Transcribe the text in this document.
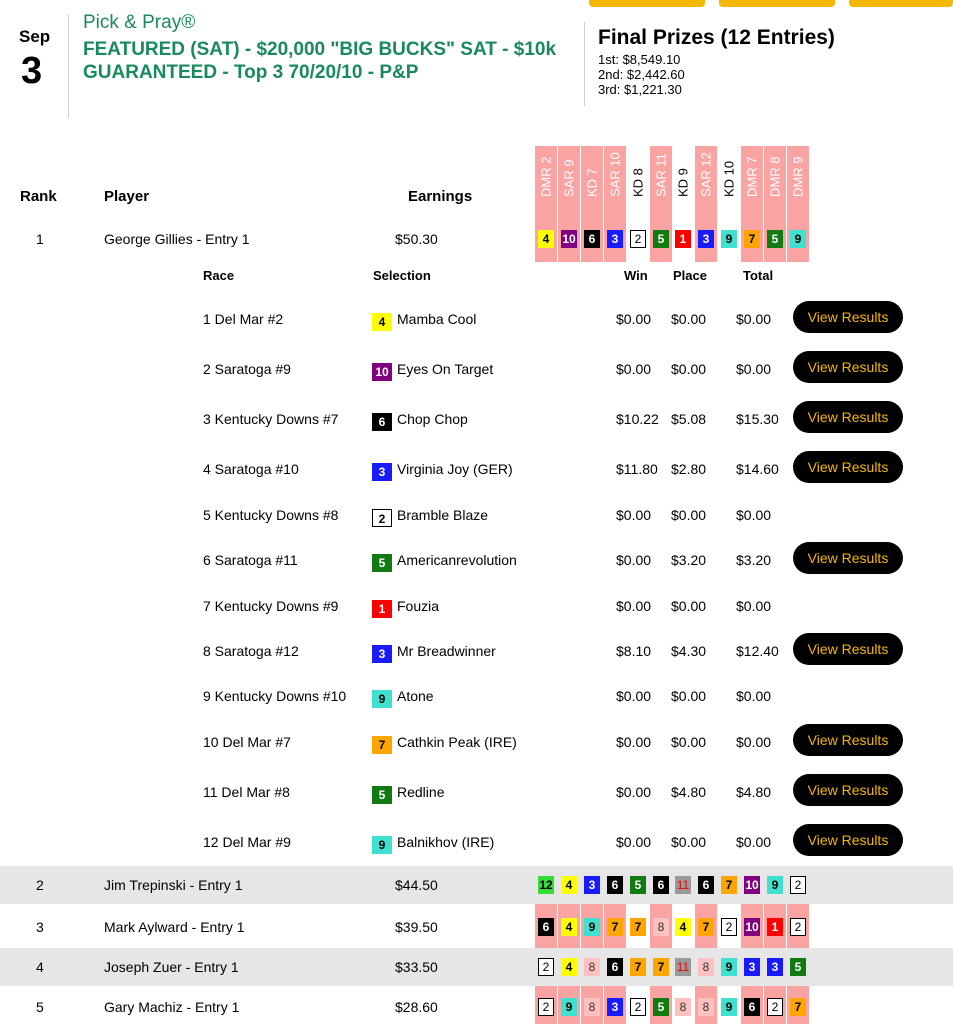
Sep
3
Pick & Pray®
FEATURED (SAT) - $20,000 "BIG BUCKS" SAT - $10k GUARANTEED - Top 3 70/20/10 - P&P
Final Prizes (12 Entries)
1st: $8,549.10
2nd: $2,442.60
3rd: $1,221.30
Rank	Player	Earnings	DMR 2 SAR 9 KD 7 SAR 10 KD 8 SAR 11 KD 9 SAR 12 KD 10 DMR 7 DMR 8 DMR 9
1	George Gillies - Entry 1	$50.30	4	10	6	3	2	5	1	3	9	7	5	9
2	Jim Trepinski - Entry 1	$44.50	12	4	3	6	5	6	11	6	7	10	9	2
3	Mark Aylward - Entry 1	$39.50	6	4	9	7	7	8	4	7	2	10	1	2
4	Joseph Zuer - Entry 1	$33.50	2	4	8	6	7	7	11	8	9	3	3	5
5	Gary Machiz - Entry 1	$28.60	2	9	8	3	2	5	8	8	9	6	2	7
Race	Selection	Win Place	Total
1 Del Mar #2	4 Mamba Cool	$0.00 $0.00 $0.00	View Results
2 Saratoga #9	10 Eyes On Target	$0.00 $0.00 $0.00	View Results
3 Kentucky Downs #7	6 Chop Chop	$10.22 $5.08 $15.30	View Results
4 Saratoga #10	3 Virginia Joy (GER)	$11.80 $2.80 $14.60	View Results
5 Kentucky Downs #8	2 Bramble Blaze	$0.00 $0.00 $0.00
6 Saratoga #11	5 Americanrevolution	$0.00 $3.20 $3.20	View Results
7 Kentucky Downs #9	1 Fouzia	$0.00 $0.00 $0.00
8 Saratoga #12	3 Mr Breadwinner	$8.10 $4.30 $12.40	View Results
9 Kentucky Downs #10	9 Atone	$0.00 $0.00 $0.00
10 Del Mar #7	7 Cathkin Peak (IRE)	$0.00 $0.00 $0.00	View Results
11 Del Mar #8	5 Redline	$0.00 $4.80 $4.80	View Results
12 Del Mar #9	9 Balnikhov (IRE)	$0.00 $0.00 $0.00	View Results
